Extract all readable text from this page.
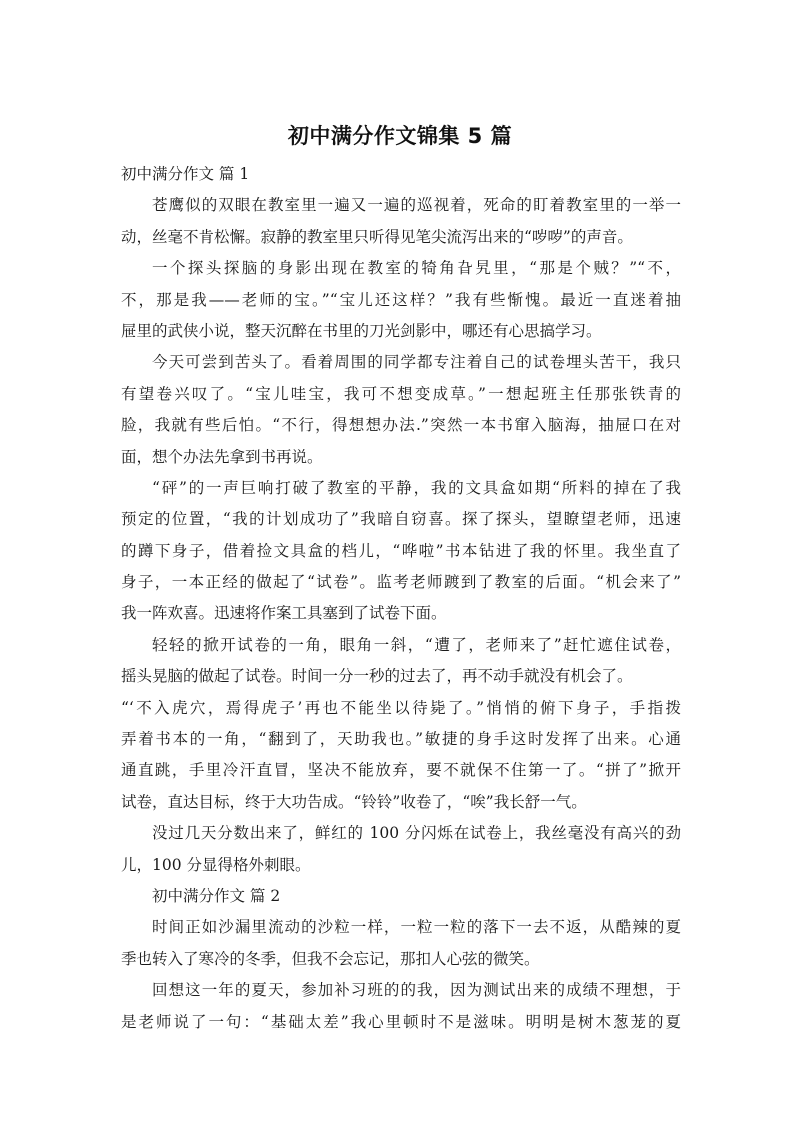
初中满分作文锦集 5 篇
初中满分作文 篇 1
苍鹰似的双眼在教室里一遍又一遍的巡视着，死命的盯着教室里的一举一
动，丝毫不肯松懈。寂静的教室里只听得见笔尖流泻出来的“哕哕”的声音。
一个探头探脑的身影出现在教室的犄角旮旯里，“那是个贼？”“不，
不，那是我——老师的宝。”“宝儿还这样？”我有些惭愧。最近一直迷着抽
屉里的武侠小说，整天沉醉在书里的刀光剑影中，哪还有心思搞学习。
今天可尝到苦头了。看着周围的同学都专注着自己的试卷埋头苦干，我只
有望卷兴叹了。“宝儿哇宝，我可不想变成草。”一想起班主任那张铁青的
脸，我就有些后怕。“不行，得想想办法.”突然一本书窜入脑海，抽屉口在对
面，想个办法先拿到书再说。
“砰”的一声巨响打破了教室的平静，我的文具盒如期“所料的掉在了我
预定的位置，“我的计划成功了”我暗自窃喜。探了探头，望瞭望老师，迅速
的蹲下身子，借着捡文具盒的档儿，“哗啦”书本钻进了我的怀里。我坐直了
身子，一本正经的做起了“试卷”。监考老师踱到了教室的后面。“机会来了”
我一阵欢喜。迅速将作案工具塞到了试卷下面。
轻轻的掀开试卷的一角，眼角一斜，“遭了，老师来了”赶忙遮住试卷，
摇头晃脑的做起了试卷。时间一分一秒的过去了，再不动手就没有机会了。
“‘不入虎穴，焉得虎子’再也不能坐以待毙了。”悄悄的俯下身子，手指拨
弄着书本的一角，“翻到了，天助我也。”敏捷的身手这时发挥了出来。心通
通直跳，手里冷汗直冒，坚决不能放弃，要不就保不住第一了。“拼了”掀开
试卷，直达目标，终于大功告成。“铃铃”收卷了，“唉”我长舒一气。
没过几天分数出来了，鲜红的 100 分闪烁在试卷上，我丝毫没有高兴的劲
儿，100 分显得格外刺眼。
初中满分作文 篇 2
时间正如沙漏里流动的沙粒一样，一粒一粒的落下一去不返，从酷辣的夏
季也转入了寒冷的冬季，但我不会忘记，那扣人心弦的微笑。
回想这一年的夏天，参加补习班的的我，因为测试出来的成绩不理想，于
是老师说了一句：“基础太差”我心里顿时不是滋味。明明是树木葱茏的夏
